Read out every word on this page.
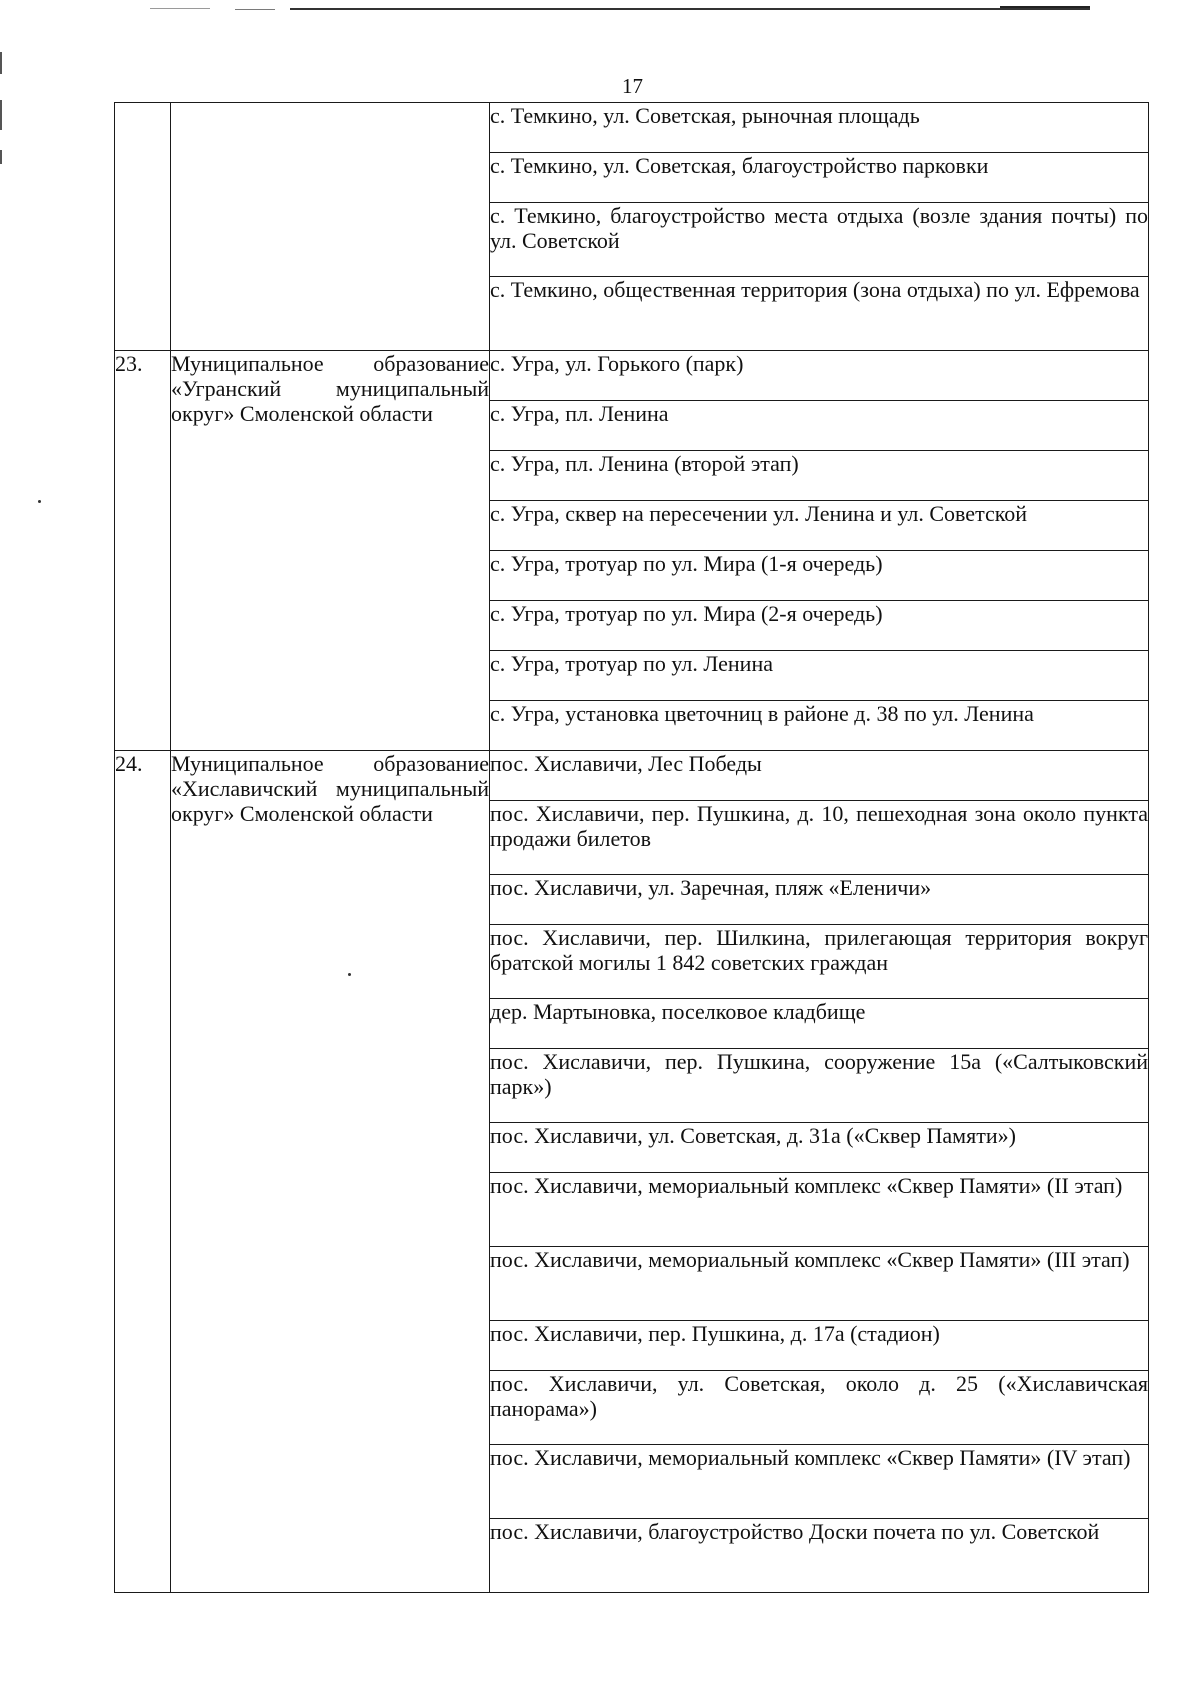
17
		с. Темкино, ул. Советская, рыночная площадь
		с. Темкино, ул. Советская, благоустройство парковки
		с. Темкино, благоустройство места отдыха (возле здания почты) по ул. Советской
		с. Темкино, общественная территория (зона отдыха) по ул. Ефремова
23.	Муниципальное образование «Угранский муниципальный округ» Смоленской области	с. Угра, ул. Горького (парк)
		с. Угра, пл. Ленина
		с. Угра, пл. Ленина (второй этап)
		с. Угра, сквер на пересечении ул. Ленина и ул. Советской
		с. Угра, тротуар по ул. Мира (1-я очередь)
		с. Угра, тротуар по ул. Мира (2-я очередь)
		с. Угра, тротуар по ул. Ленина
		с. Угра, установка цветочниц в районе д. 38 по ул. Ленина
24.	Муниципальное образование «Хиславичский муниципальный округ» Смоленской области	пос. Хиславичи, Лес Победы
		пос. Хиславичи, пер. Пушкина, д. 10, пешеходная зона около пункта продажи билетов
		пос. Хиславичи, ул. Заречная, пляж «Еленичи»
		пос. Хиславичи, пер. Шилкина, прилегающая территория вокруг братской могилы 1 842 советских граждан
		дер. Мартыновка, поселковое кладбище
		пос. Хиславичи, пер. Пушкина, сооружение 15а («Салтыковский парк»)
		пос. Хиславичи, ул. Советская, д. 31а («Сквер Памяти»)
		пос. Хиславичи, мемориальный комплекс «Сквер Памяти» (II этап)
		пос. Хиславичи, мемориальный комплекс «Сквер Памяти» (III этап)
		пос. Хиславичи, пер. Пушкина, д. 17а (стадион)
		пос. Хиславичи, ул. Советская, около д. 25 («Хиславичская панорама»)
		пос. Хиславичи, мемориальный комплекс «Сквер Памяти» (IV этап)
		пос. Хиславичи, благоустройство Доски почета по ул. Советской
